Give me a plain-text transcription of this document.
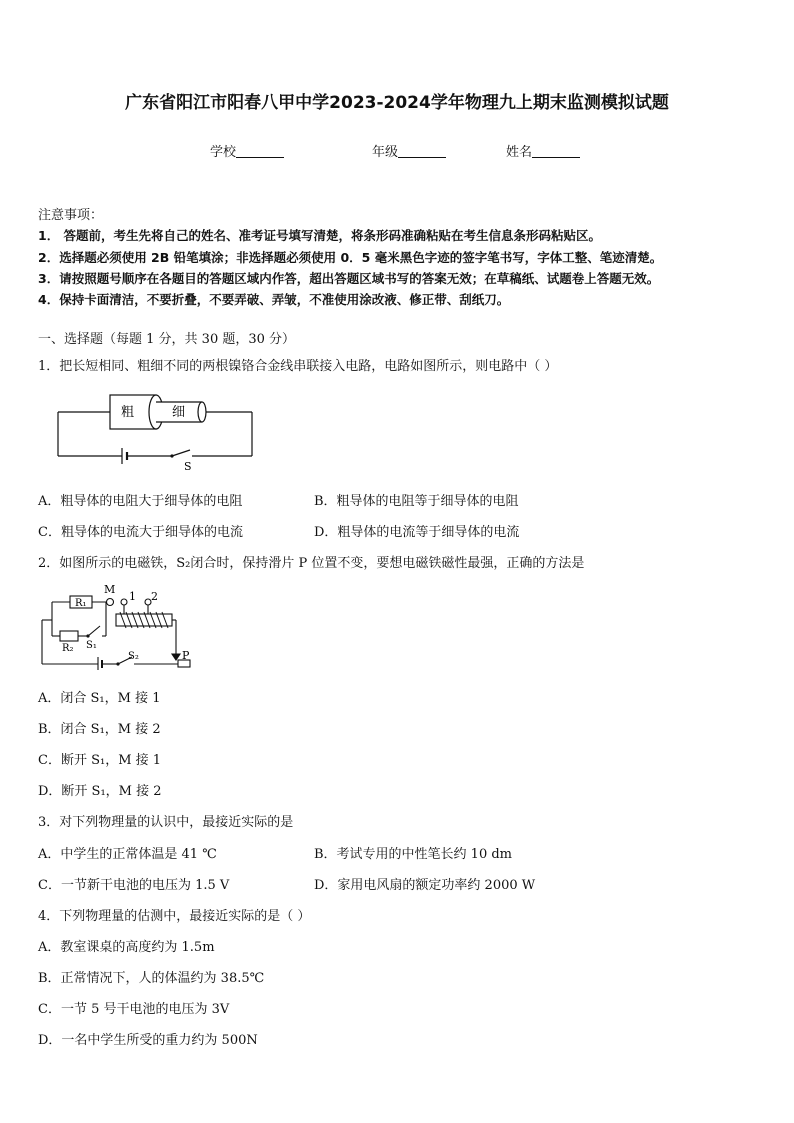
广东省阳江市阳春八甲中学2023-2024学年物理九上期末监测模拟试题
学校	年级	姓名
注意事项：
1． 答题前，考生先将自己的姓名、准考证号填写清楚，将条形码准确粘贴在考生信息条形码粘贴区。
2．选择题必须使用 2B 铅笔填涂；非选择题必须使用 0．5 毫米黑色字迹的签字笔书写，字体工整、笔迹清楚。
3．请按照题号顺序在各题目的答题区域内作答，超出答题区域书写的答案无效；在草稿纸、试题卷上答题无效。
4．保持卡面清洁，不要折叠，不要弄破、弄皱，不准使用涂改液、修正带、刮纸刀。
一、选择题（每题 1 分，共 30 题，30 分）
1．把长短相同、粗细不同的两根镍铬合金线串联接入电路，电路如图所示，则电路中（ ）
粗	细
S
A．粗导体的电阻大于细导体的电阻	B．粗导体的电阻等于细导体的电阻
C．粗导体的电流大于细导体的电流	D．粗导体的电流等于细导体的电流
2．如图所示的电磁铁，S₂闭合时，保持滑片 P 位置不变，要想电磁铁磁性最强，正确的方法是
M
1 2
R₁
R₂ S₁
S₂	P
A．闭合 S₁，M 接 1
B．闭合 S₁，M 接 2
C．断开 S₁，M 接 1
D．断开 S₁，M 接 2
3．对下列物理量的认识中，最接近实际的是
A．中学生的正常体温是 41 ℃	B．考试专用的中性笔长约 10 dm
C．一节新干电池的电压为 1.5 V	D．家用电风扇的额定功率约 2000 W
4．下列物理量的估测中，最接近实际的是（ ）
A．教室课桌的高度约为 1.5m
B．正常情况下，人的体温约为 38.5℃
C．一节 5 号干电池的电压为 3V
D．一名中学生所受的重力约为 500N
